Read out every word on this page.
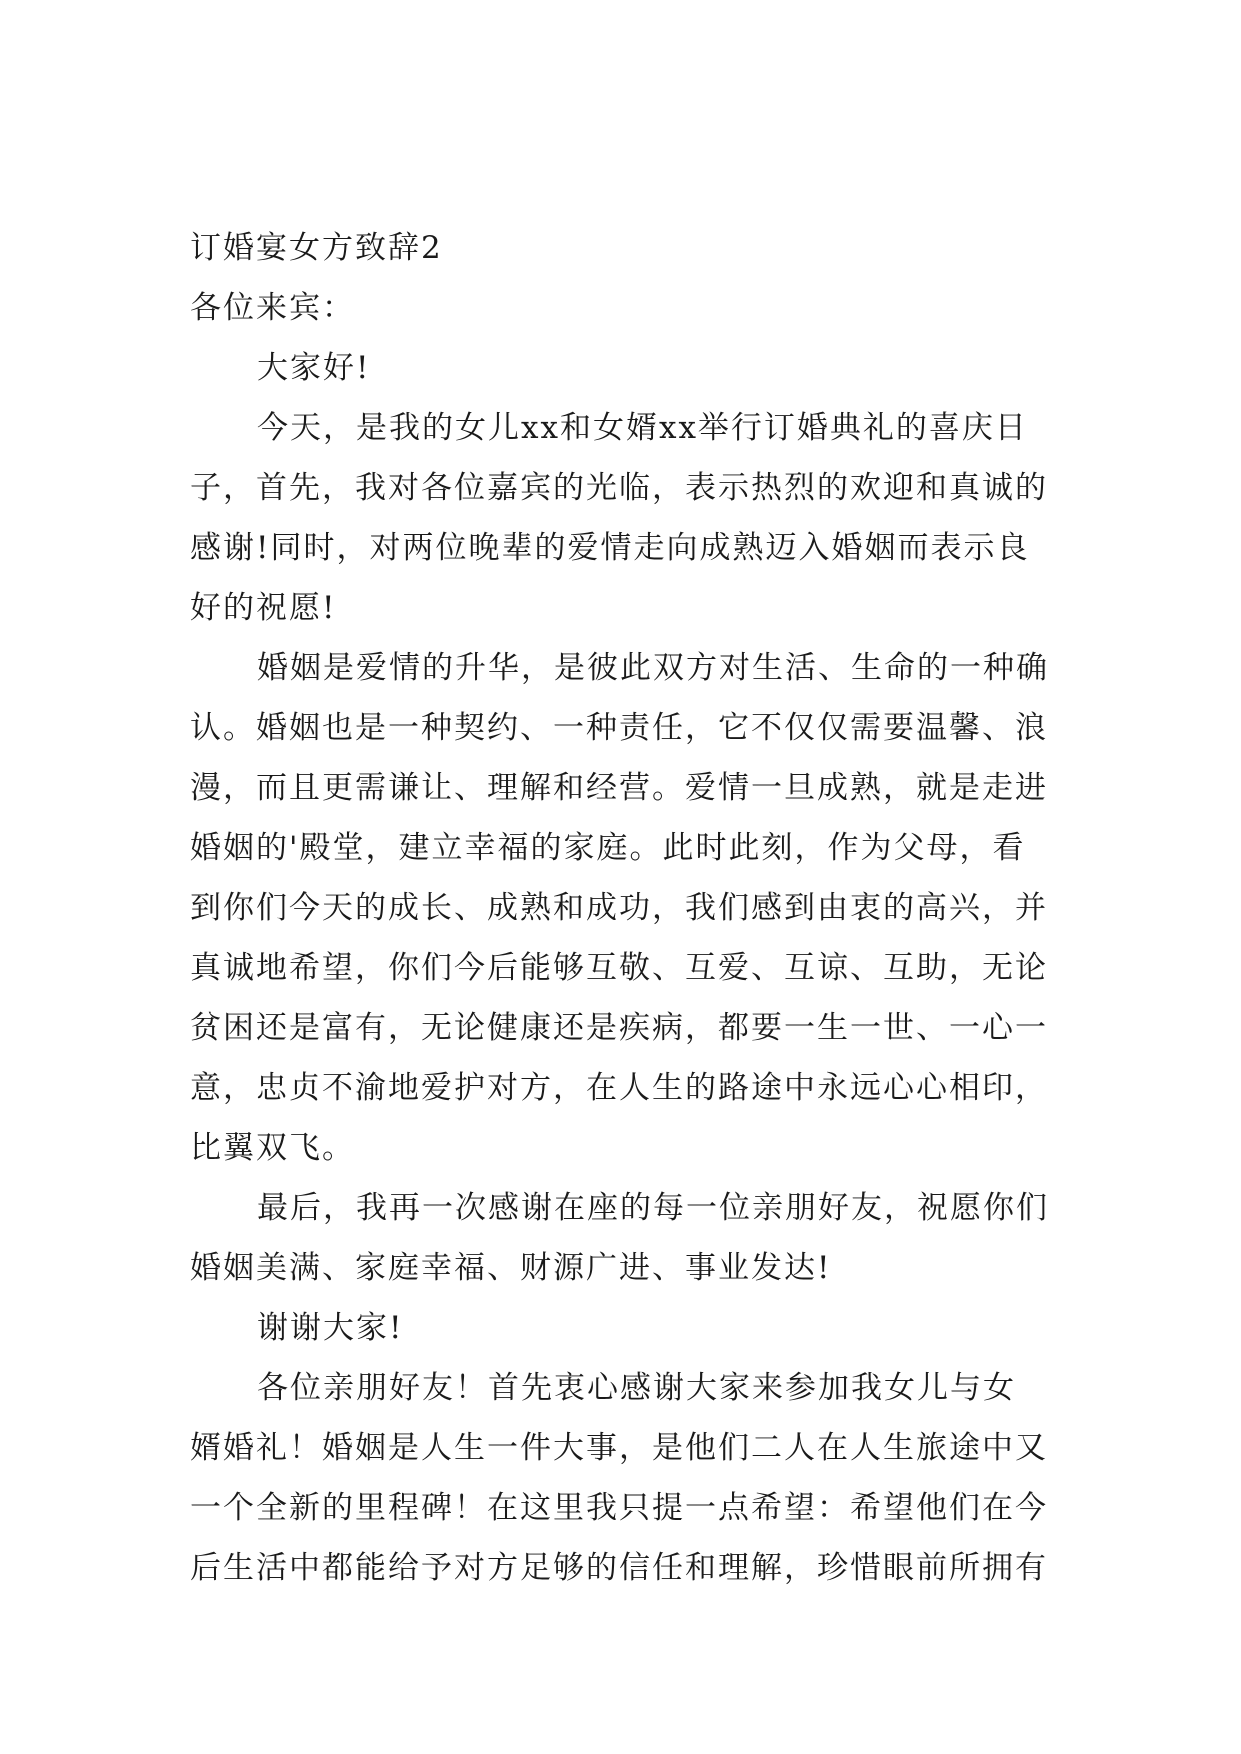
订婚宴女方致辞2
各位来宾：
大家好!
今天，是我的女儿xx和女婿xx举行订婚典礼的喜庆日
子，首先，我对各位嘉宾的光临，表示热烈的欢迎和真诚的
感谢!同时，对两位晚辈的爱情走向成熟迈入婚姻而表示良
好的祝愿!
婚姻是爱情的升华，是彼此双方对生活、生命的一种确
认。婚姻也是一种契约、一种责任，它不仅仅需要温馨、浪
漫，而且更需谦让、理解和经营。爱情一旦成熟，就是走进
婚姻的'殿堂，建立幸福的家庭。此时此刻，作为父母，看
到你们今天的成长、成熟和成功，我们感到由衷的高兴，并
真诚地希望，你们今后能够互敬、互爱、互谅、互助，无论
贫困还是富有，无论健康还是疾病，都要一生一世、一心一
意，忠贞不渝地爱护对方，在人生的路途中永远心心相印，
比翼双飞。
最后，我再一次感谢在座的每一位亲朋好友，祝愿你们
婚姻美满、家庭幸福、财源广进、事业发达!
谢谢大家!
各位亲朋好友！首先衷心感谢大家来参加我女儿与女
婿婚礼！婚姻是人生一件大事，是他们二人在人生旅途中又
一个全新的里程碑！在这里我只提一点希望：希望他们在今
后生活中都能给予对方足够的信任和理解，珍惜眼前所拥有
